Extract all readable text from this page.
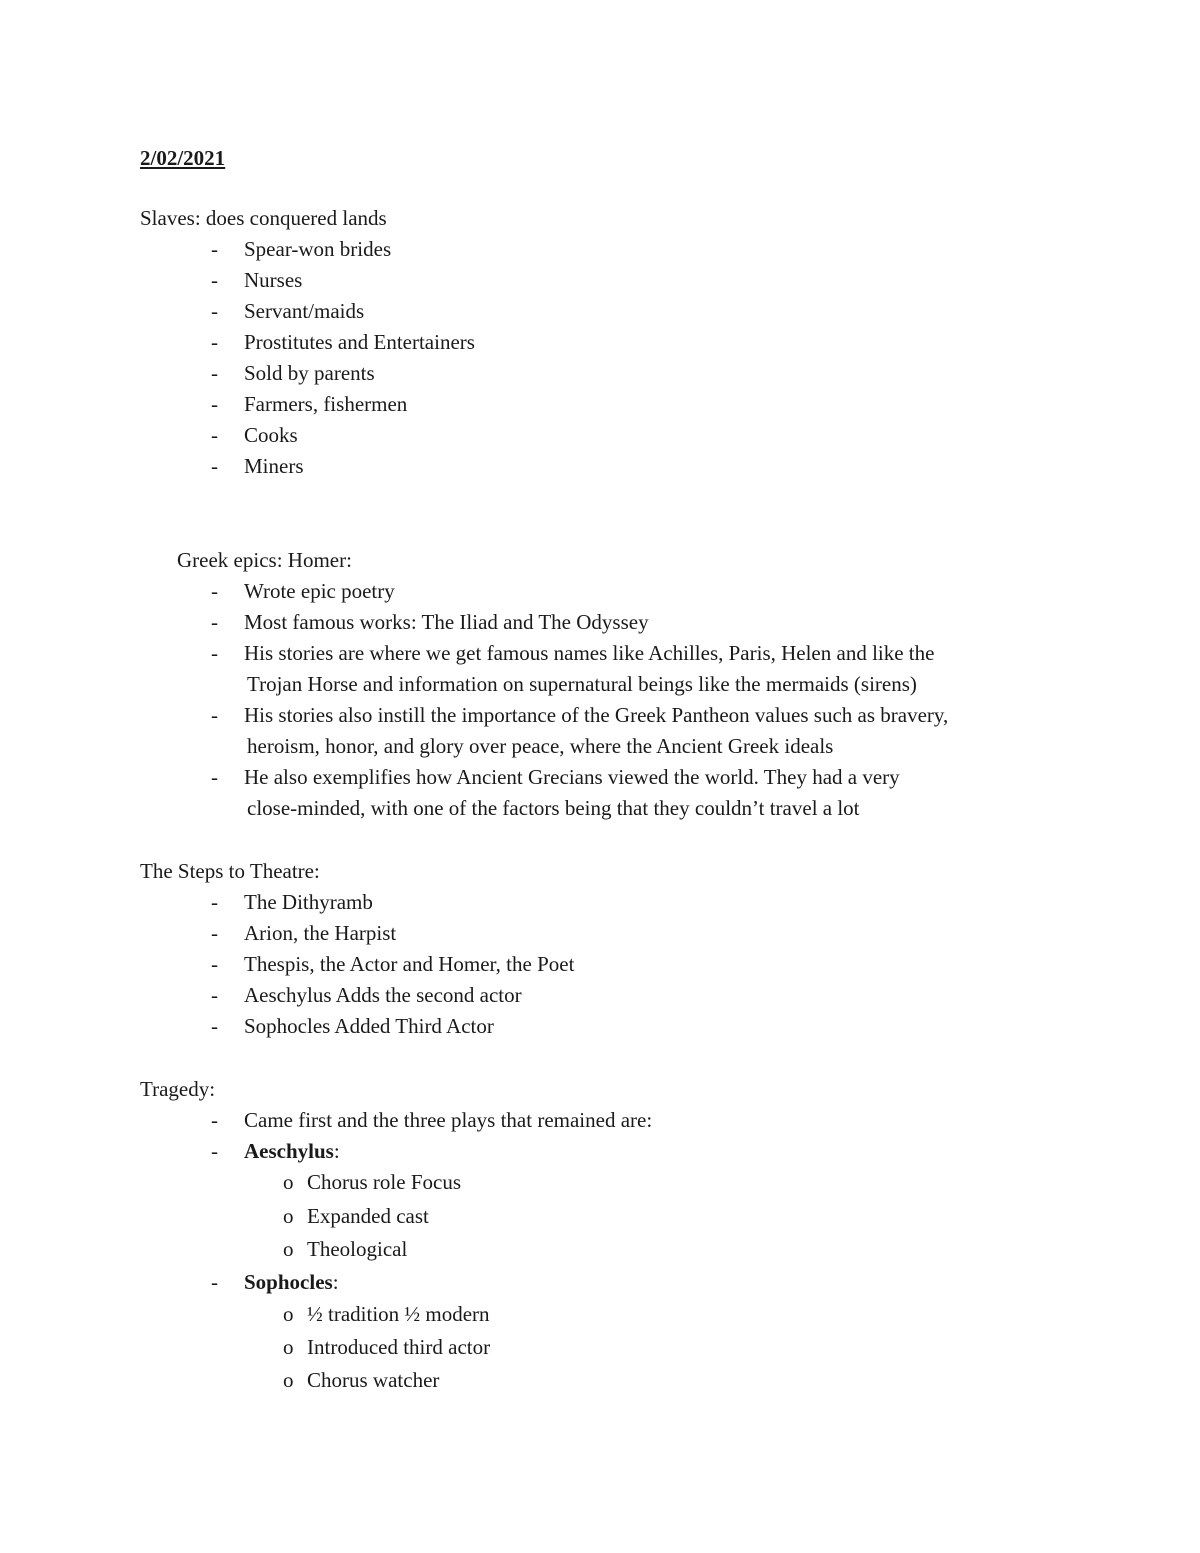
2/02/2021
Slaves: does conquered lands
-
Spear-won brides
-
Nurses
-
Servant/maids
-
Prostitutes and Entertainers
-
Sold by parents
-
Farmers, fishermen
-
Cooks
-
Miners
Greek epics: Homer:
-
Wrote epic poetry
-
Most famous works: The Iliad and The Odyssey
-
His stories are where we get famous names like Achilles, Paris, Helen and like the
Trojan Horse and information on supernatural beings like the mermaids (sirens)
-
His stories also instill the importance of the Greek Pantheon values such as bravery,
heroism, honor, and glory over peace, where the Ancient Greek ideals
-
He also exemplifies how Ancient Grecians viewed the world. They had a very
close-minded, with one of the factors being that they couldn’t travel a lot
The Steps to Theatre:
-
The Dithyramb
-
Arion, the Harpist
-
Thespis, the Actor and Homer, the Poet
-
Aeschylus Adds the second actor
-
Sophocles Added Third Actor
Tragedy:
-
Came first and the three plays that remained are:
-
Aeschylus:
o
Chorus role Focus
o
Expanded cast
o
Theological
-
Sophocles:
o
½ tradition ½ modern
o
Introduced third actor
o
Chorus watcher
